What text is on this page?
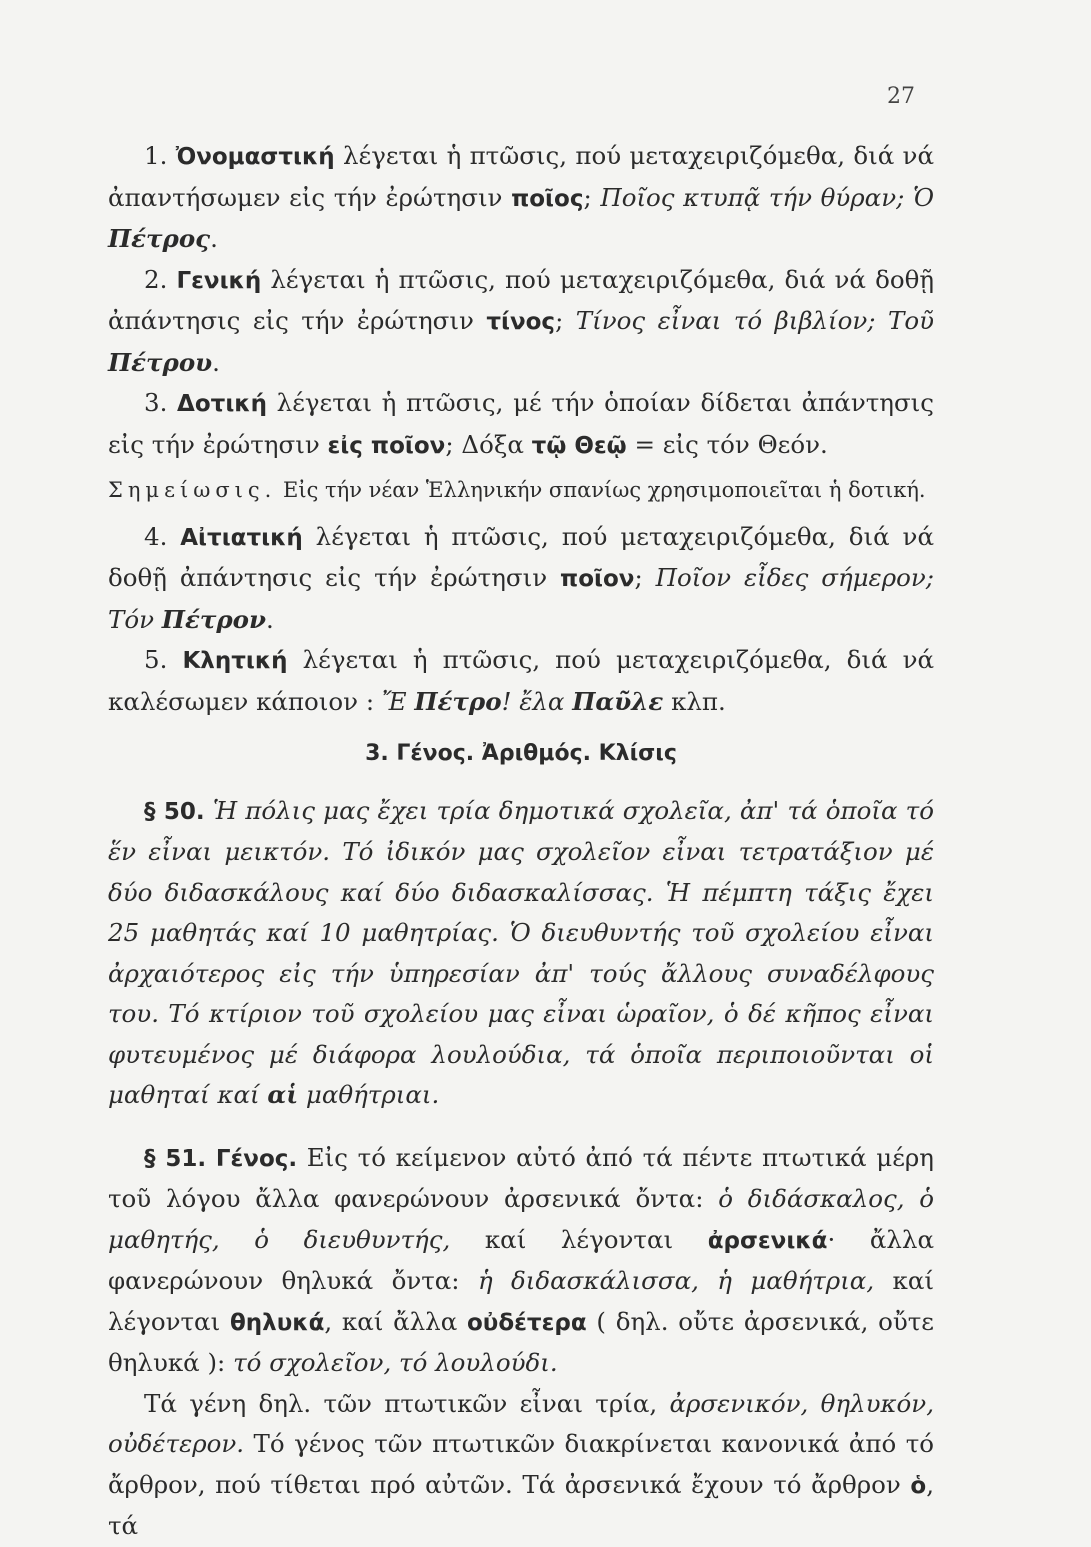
27

1. Ὀνομαστική λέγεται ἡ πτῶσις, πού μεταχειριζόμεθα, διά νά ἀπαντήσωμεν εἰς τήν ἐρώτησιν ποῖος; Ποῖος κτυπᾷ τήν θύραν; Ὁ Πέτρος.

2. Γενική λέγεται ἡ πτῶσις, πού μεταχειριζόμεθα, διά νά δοθῇ ἀπάντησις εἰς τήν ἐρώτησιν τίνος; Τίνος εἶναι τό βιβλίον; Τοῦ Πέτρου.

3. Δοτική λέγεται ἡ πτῶσις, μέ τήν ὁποίαν δίδεται ἀπάντησις εἰς τήν ἐρώτησιν εἰς ποῖον; Δόξα τῷ Θεῷ = εἰς τόν Θεόν.

Σημείωσις. Εἰς τήν νέαν Ἑλληνικήν σπανίως χρησιμοποιεῖται ἡ δοτική.

4. Αἰτιατική λέγεται ἡ πτῶσις, πού μεταχειριζόμεθα, διά νά δοθῇ ἀπάντησις εἰς τήν ἐρώτησιν ποῖον; Ποῖον εἶδες σήμερον; Τόν Πέτρον.

5. Κλητική λέγεται ἡ πτῶσις, πού μεταχειριζόμεθα, διά νά καλέσωμεν κάποιον : Ἔ Πέτρο! ἔλα Παῦλε κλπ.

3. Γένος. Ἀριθμός. Κλίσις

§ 50. Ἡ πόλις μας ἔχει τρία δημοτικά σχολεῖα, ἀπ' τά ὁποῖα τό ἕν εἶναι μεικτόν. Τό ἰδικόν μας σχολεῖον εἶναι τετρατάξιον μέ δύο διδασκάλους καί δύο διδασκαλίσσας. Ἡ πέμπτη τάξις ἔχει 25 μαθητάς καί 10 μαθητρίας. Ὁ διευθυντής τοῦ σχολείου εἶναι ἀρχαιότερος εἰς τήν ὑπηρεσίαν ἀπ' τούς ἄλλους συναδέλφους του. Τό κτίριον τοῦ σχολείου μας εἶναι ὡραῖον, ὁ δέ κῆπος εἶναι φυτευμένος μέ διάφορα λουλούδια, τά ὁποῖα περιποιοῦνται οἱ μαθηταί καί αἱ μαθήτριαι.

§ 51. Γένος. Εἰς τό κείμενον αὐτό ἀπό τά πέντε πτωτικά μέρη τοῦ λόγου ἄλλα φανερώνουν ἀρσενικά ὄντα: ὁ διδάσκαλος, ὁ μαθητής, ὁ διευθυντής, καί λέγονται ἀρσενικά· ἄλλα φανερώνουν θηλυκά ὄντα: ἡ διδασκάλισσα, ἡ μαθήτρια, καί λέγονται θηλυκά, καί ἄλλα οὐδέτερα ( δηλ. οὔτε ἀρσενικά, οὔτε θηλυκά ): τό σχολεῖον, τό λουλούδι.

Τά γένη δηλ. τῶν πτωτικῶν εἶναι τρία, ἀρσενικόν, θηλυκόν, οὐδέτερον. Τό γένος τῶν πτωτικῶν διακρίνεται κανονικά ἀπό τό ἄρθρον, πού τίθεται πρό αὐτῶν. Τά ἀρσενικά ἔχουν τό ἄρθρον ὁ, τά
